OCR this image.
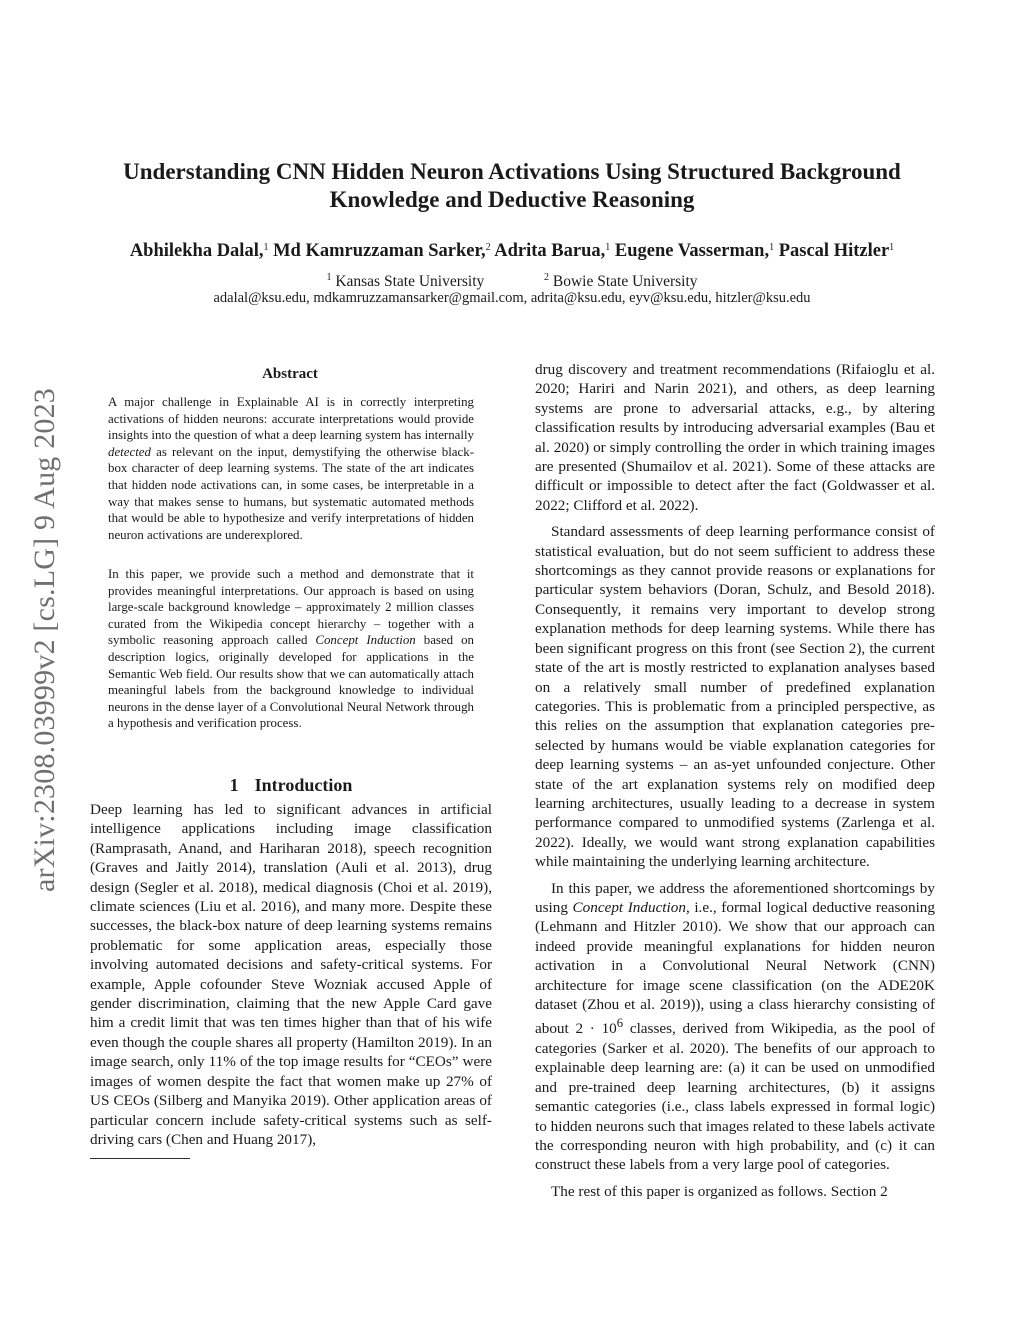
Understanding CNN Hidden Neuron Activations Using Structured Background
Knowledge and Deductive Reasoning
Abhilekha Dalal,$^1$ Md Kamruzzaman Sarker,$^2$ Adrita Barua,$^1$ Eugene Vasserman,$^1$ Pascal Hitzler$^1$
$^1$ Kansas State University	$^2$ Bowie State University
adalal@ksu.edu, mdkamruzzamansarker@gmail.com, adrita@ksu.edu, eyv@ksu.edu, hitzler@ksu.edu
arXiv:2308.03999v2 [cs.LG] 9 Aug 2023
Abstract
A major challenge in Explainable AI is in correctly interpreting activations of hidden neurons: accurate interpretations would provide insights into the question of what a deep learning system has internally detected as relevant on the input, demystifying the otherwise black-box character of deep learning systems. The state of the art indicates that hidden node activations can, in some cases, be interpretable in a way that makes sense to humans, but systematic automated methods that would be able to hypothesize and verify interpretations of hidden neuron activations are underexplored.
In this paper, we provide such a method and demonstrate that it provides meaningful interpretations. Our approach is based on using large-scale background knowledge – approximately 2 million classes curated from the Wikipedia concept hierarchy – together with a symbolic reasoning approach called Concept Induction based on description logics, originally developed for applications in the Semantic Web field. Our results show that we can automatically attach meaningful labels from the background knowledge to individual neurons in the dense layer of a Convolutional Neural Network through a hypothesis and verification process.
1 Introduction
Deep learning has led to significant advances in artificial intelligence applications including image classification (Ramprasath, Anand, and Hariharan 2018), speech recognition (Graves and Jaitly 2014), translation (Auli et al. 2013), drug design (Segler et al. 2018), medical diagnosis (Choi et al. 2019), climate sciences (Liu et al. 2016), and many more. Despite these successes, the black-box nature of deep learning systems remains problematic for some application areas, especially those involving automated decisions and safety-critical systems. For example, Apple cofounder Steve Wozniak accused Apple of gender discrimination, claiming that the new Apple Card gave him a credit limit that was ten times higher than that of his wife even though the couple shares all property (Hamilton 2019). In an image search, only 11% of the top image results for “CEOs” were images of women despite the fact that women make up 27% of US CEOs (Silberg and Manyika 2019). Other application areas of particular concern include safety-critical systems such as self-driving cars (Chen and Huang 2017),

drug discovery and treatment recommendations (Rifaioglu et al. 2020; Hariri and Narin 2021), and others, as deep learning systems are prone to adversarial attacks, e.g., by altering classification results by introducing adversarial examples (Bau et al. 2020) or simply controlling the order in which training images are presented (Shumailov et al. 2021). Some of these attacks are difficult or impossible to detect after the fact (Goldwasser et al. 2022; Clifford et al. 2022).

Standard assessments of deep learning performance consist of statistical evaluation, but do not seem sufficient to address these shortcomings as they cannot provide reasons or explanations for particular system behaviors (Doran, Schulz, and Besold 2018). Consequently, it remains very important to develop strong explanation methods for deep learning systems. While there has been significant progress on this front (see Section 2), the current state of the art is mostly restricted to explanation analyses based on a relatively small number of predefined explanation categories. This is problematic from a principled perspective, as this relies on the assumption that explanation categories pre-selected by humans would be viable explanation categories for deep learning systems – an as-yet unfounded conjecture. Other state of the art explanation systems rely on modified deep learning architectures, usually leading to a decrease in system performance compared to unmodified systems (Zarlenga et al. 2022). Ideally, we would want strong explanation capabilities while maintaining the underlying learning architecture.

In this paper, we address the aforementioned shortcomings by using Concept Induction, i.e., formal logical deductive reasoning (Lehmann and Hitzler 2010). We show that our approach can indeed provide meaningful explanations for hidden neuron activation in a Convolutional Neural Network (CNN) architecture for image scene classification (on the ADE20K dataset (Zhou et al. 2019)), using a class hierarchy consisting of about $2 \cdot 10^6$ classes, derived from Wikipedia, as the pool of categories (Sarker et al. 2020). The benefits of our approach to explainable deep learning are: (a) it can be used on unmodified and pre-trained deep learning architectures, (b) it assigns semantic categories (i.e., class labels expressed in formal logic) to hidden neurons such that images related to these labels activate the corresponding neuron with high probability, and (c) it can construct these labels from a very large pool of categories.

The rest of this paper is organized as follows. Section 2
